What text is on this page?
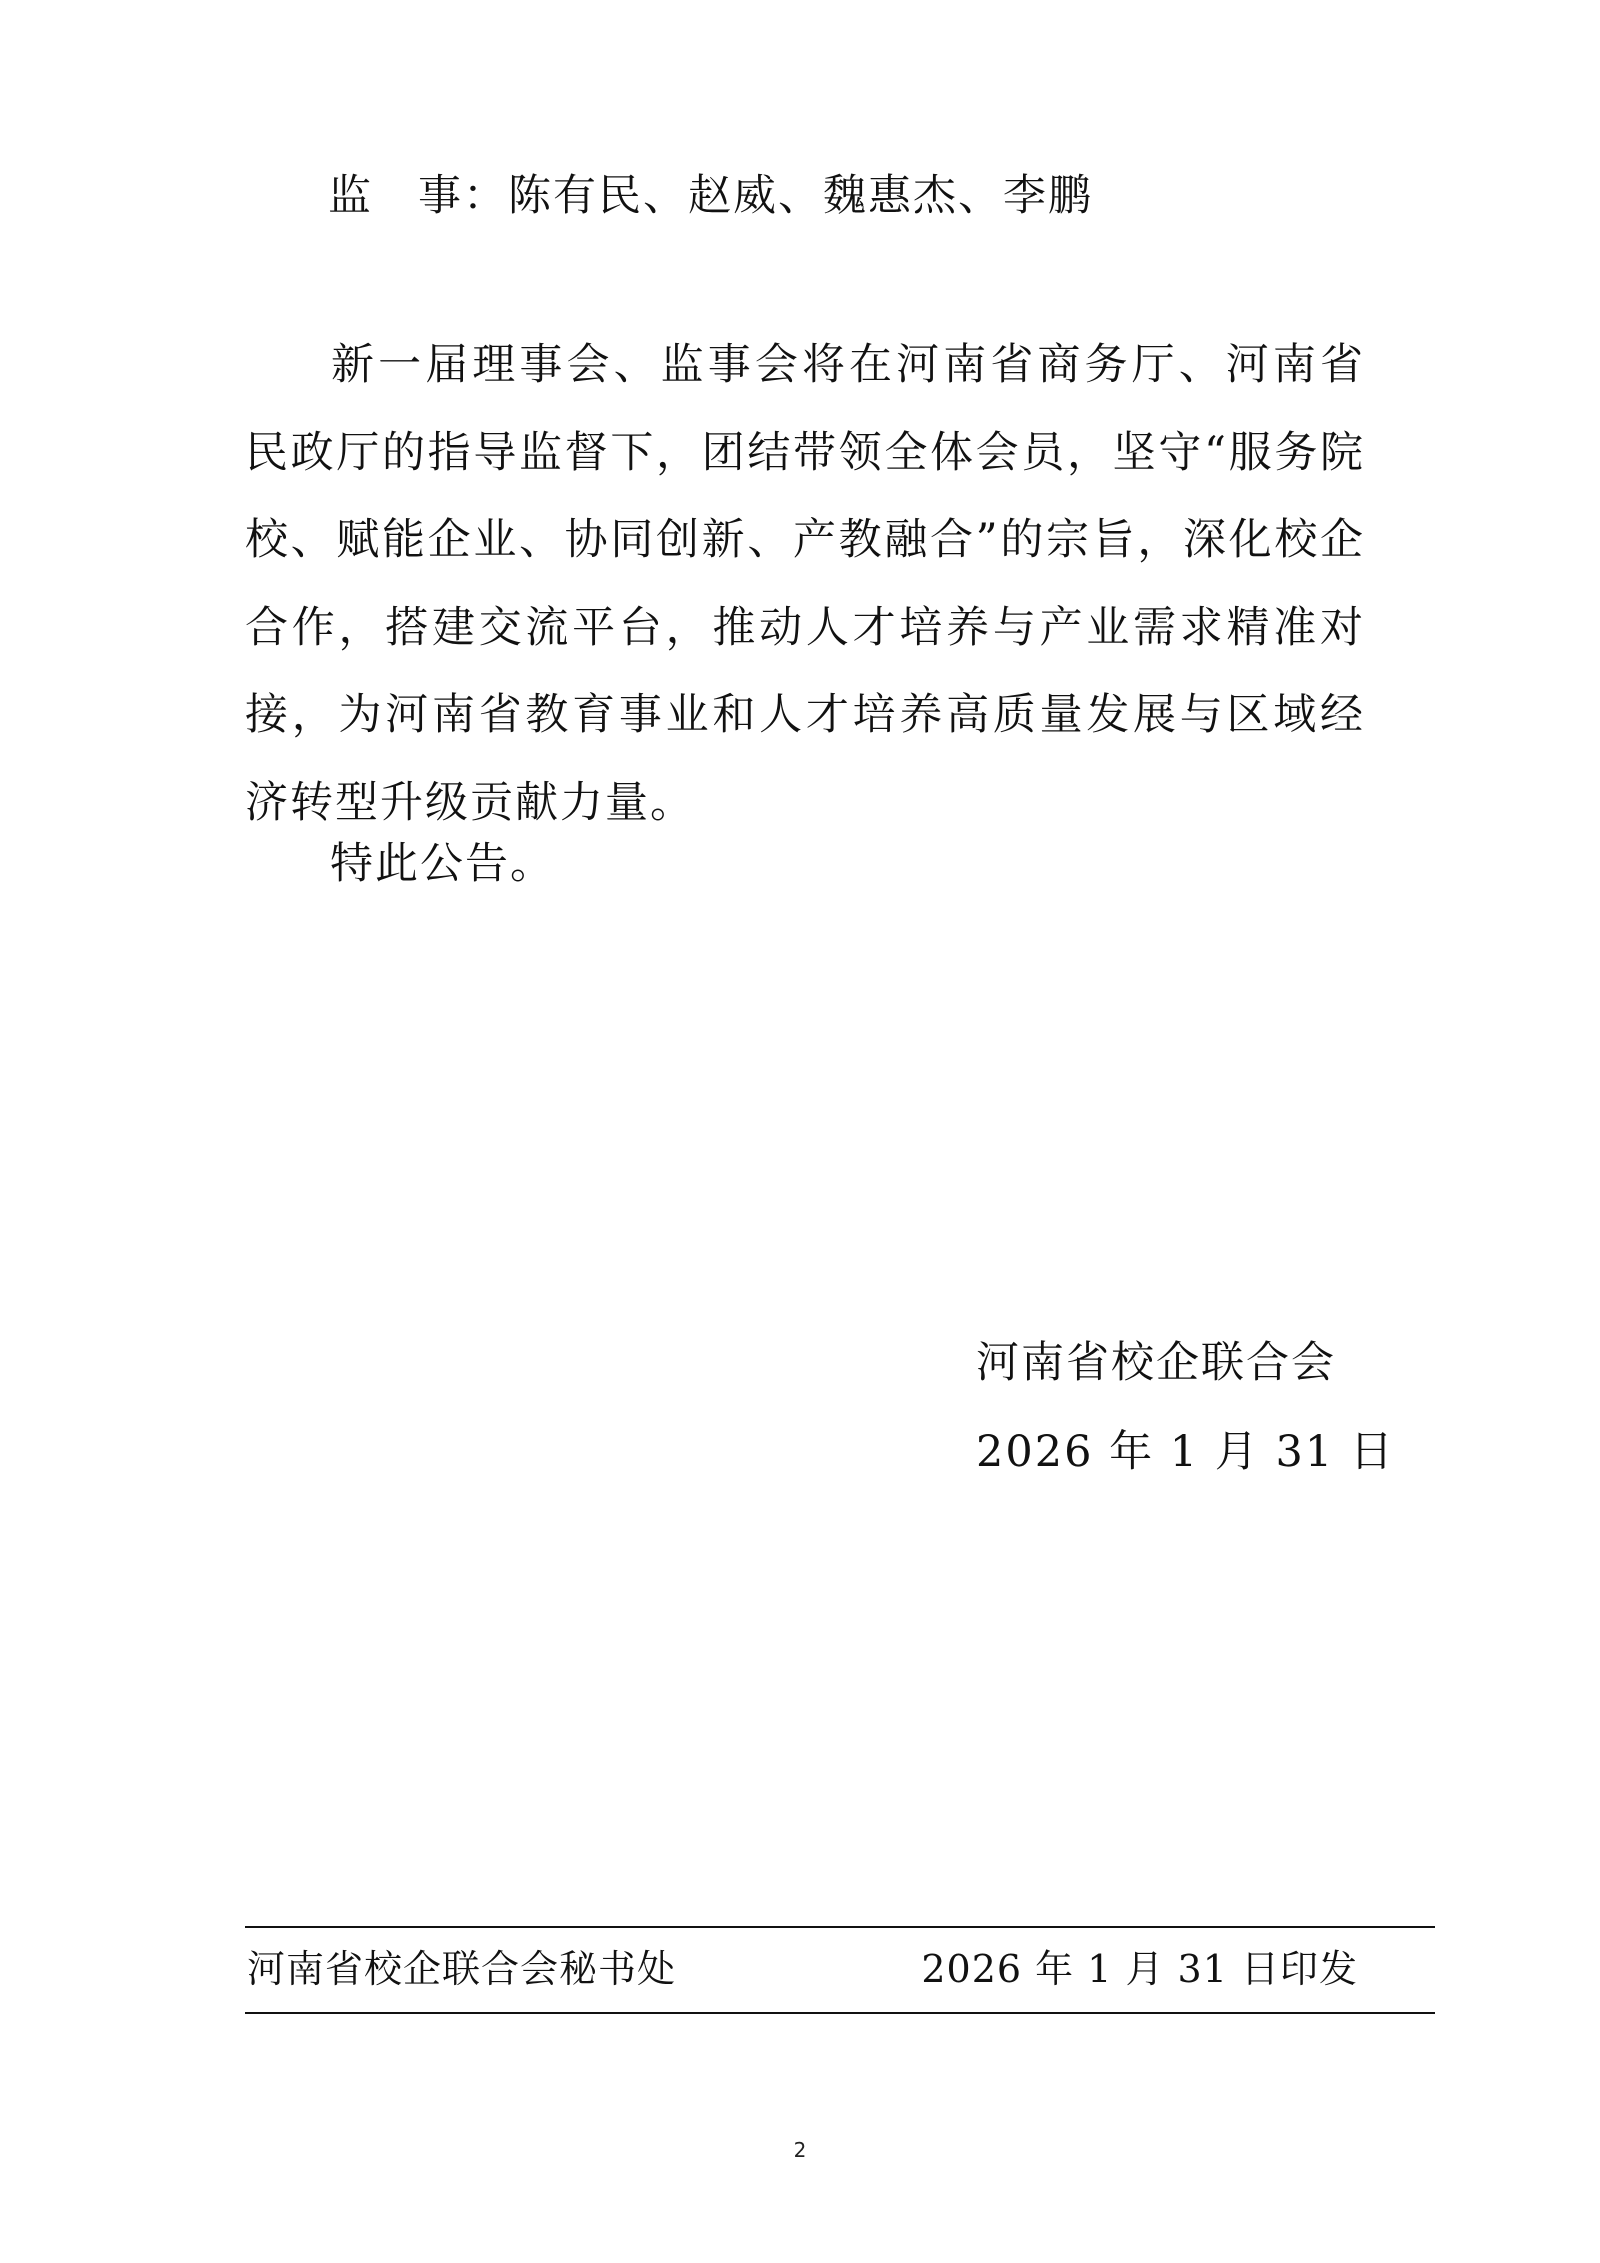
监　事：陈有民、赵威、魏惠杰、李鹏

新一届理事会、监事会将在河南省商务厅、河南省民政厅的指导监督下，团结带领全体会员，坚守“服务院校、赋能企业、协同创新、产教融合”的宗旨，深化校企合作，搭建交流平台，推动人才培养与产业需求精准对接，为河南省教育事业和人才培养高质量发展与区域经济转型升级贡献力量。

特此公告。
河南省校企联合会
2026 年 1 月 31 日
河南省校企联合会秘书处	2026 年 1 月 31 日印发
2
